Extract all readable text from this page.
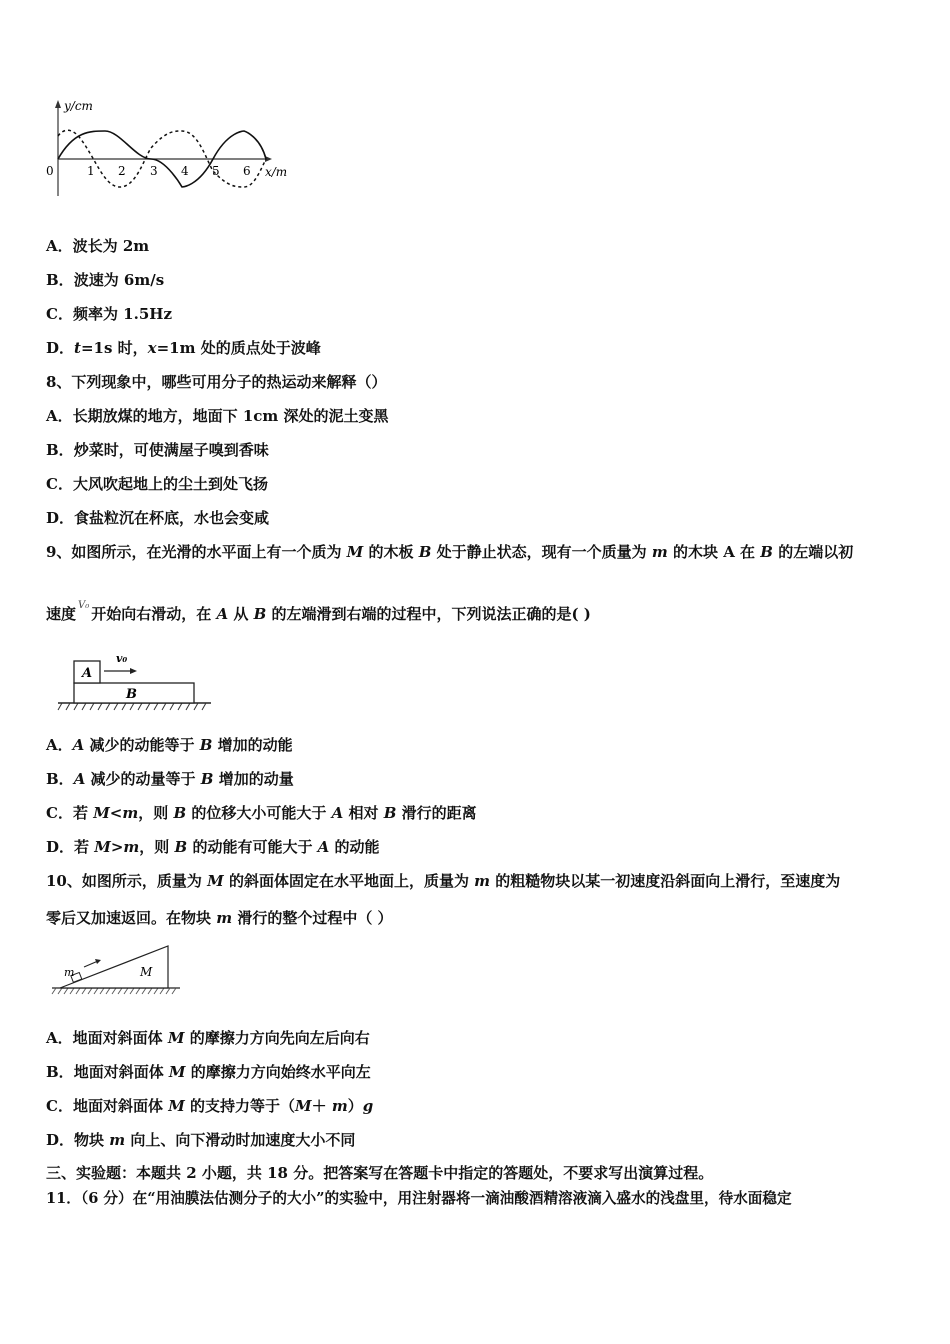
y/cm
x/m
0	1 2 3 4 5 6
A．波长为 2m
B．波速为 6m/s
C．频率为 1.5Hz
D．t=1s 时，x=1m 处的质点处于波峰
8、下列现象中，哪些可用分子的热运动来解释（）
A．长期放煤的地方，地面下 1cm 深处的泥土变黑
B．炒菜时，可使满屋子嗅到香味
C．大风吹起地上的尘土到处飞扬
D．食盐粒沉在杯底，水也会变咸
9、如图所示，在光滑的水平面上有一个质为 M 的木板 B 处于静止状态，现有一个质量为 m 的木块 A 在 B 的左端以初
速度 V₀ 开始向右滑动，在 A 从 B 的左端滑到右端的过程中，下列说法正确的是( )
B
A
v₀
A．A 减少的动能等于 B 增加的动能
B．A 减少的动量等于 B 增加的动量
C．若 M<m，则 B 的位移大小可能大于 A 相对 B 滑行的距离
D．若 M>m，则 B 的动能有可能大于 A 的动能
10、如图所示，质量为 M 的斜面体固定在水平地面上，质量为 m 的粗糙物块以某一初速度沿斜面向上滑行，至速度为
零后又加速返回。在物块 m 滑行的整个过程中（ ）
M
m
A．地面对斜面体 M 的摩擦力方向先向左后向右
B．地面对斜面体 M 的摩擦力方向始终水平向左
C．地面对斜面体 M 的支持力等于（M＋ m）g
D．物块 m 向上、向下滑动时加速度大小不同
三、实验题：本题共 2 小题，共 18 分。把答案写在答题卡中指定的答题处，不要求写出演算过程。
11．（6 分）在“用油膜法估测分子的大小”的实验中，用注射器将一滴油酸酒精溶液滴入盛水的浅盘里，待水面稳定
